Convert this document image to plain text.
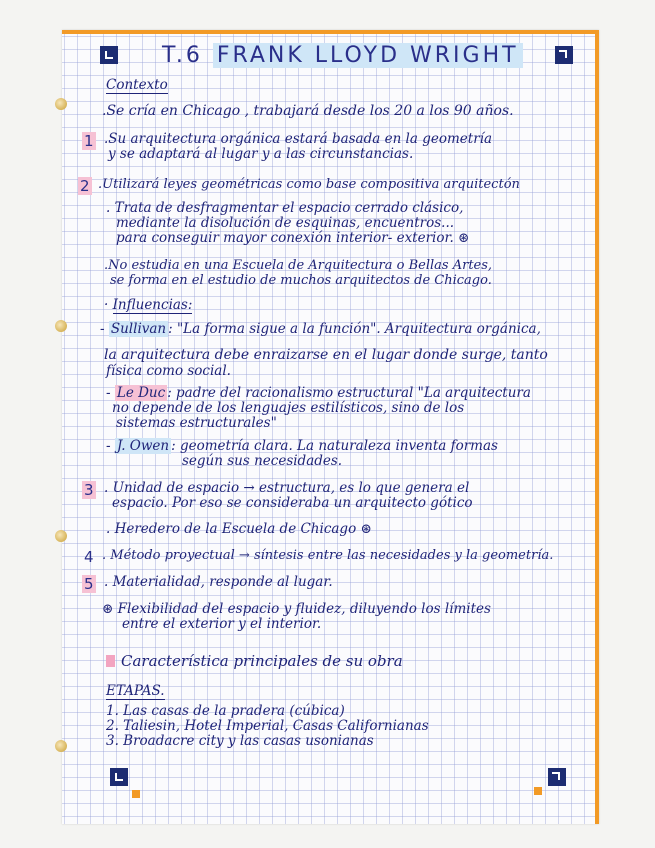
T.6 FRANK LLOYD WRIGHT
Contexto
.Se cría en Chicago , trabajará desde los 20 a los 90 años.
1 .Su arquitectura orgánica estará basada en la geometría
y se adaptará al lugar y a las circunstancias.
2 .Utilizará leyes geométricas como base compositiva arquitectón
. Trata de desfragmentar el espacio cerrado clásico,
mediante la disolución de esquinas, encuentros...
para conseguir mayor conexión interior- exterior. ⊛
.No estudia en una Escuela de Arquitectura o Bellas Artes,
se forma en el estudio de muchos arquitectos de Chicago.
· Influencias:
- Sullivan : "La forma sigue a la función". Arquitectura orgánica,
la arquitectura debe enraizarse en el lugar donde surge, tanto
física como social.
- Le Duc : padre del racionalismo estructural "La arquitectura
no depende de los lenguajes estilísticos, sino de los
sistemas estructurales"
- J. Owen : geometría clara. La naturaleza inventa formas
según sus necesidades.
3 . Unidad de espacio → estructura, es lo que genera el
espacio. Por eso se consideraba un arquitecto gótico
. Heredero de la Escuela de Chicago ⊛
4 . Método proyectual → síntesis entre las necesidades y la geometría.
5 . Materialidad, responde al lugar.
⊛ Flexibilidad del espacio y fluidez, diluyendo los límites
entre el exterior y el interior.
Característica principales de su obra
ETAPAS.
1. Las casas de la pradera (cúbica)
2. Taliesin, Hotel Imperial, Casas Californianas
3. Broadacre city y las casas usonianas
